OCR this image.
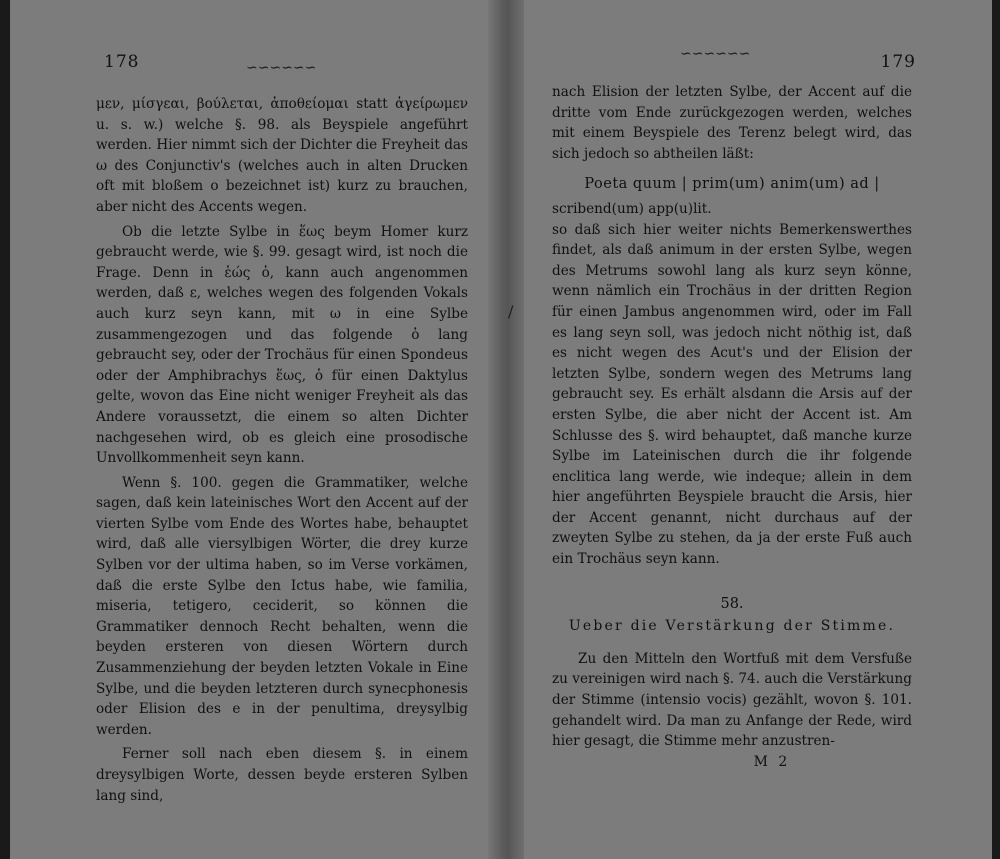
178	∽∽∽∽∽∽

μεν, μίσγεαι, βούλεται, ἀποθείομαι statt ἀγείρωμεν u. s. w.) welche §. 98. als Beyspiele angeführt werden. Hier nimmt sich der Dichter die Freyheit das ω des Conjunctiv's (welches auch in alten Drucken oft mit bloßem ο bezeichnet ist) kurz zu brauchen, aber nicht des Accents wegen.

Ob die letzte Sylbe in ἕως beym Homer kurz gebraucht werde, wie §. 99. gesagt wird, ist noch die Frage. Denn in ἑώς ὁ, kann auch angenommen werden, daß ε, welches wegen des folgenden Vokals auch kurz seyn kann, mit ω in eine Sylbe zusammengezogen und das folgende ὁ lang gebraucht sey, oder der Trochäus für einen Spondeus oder der Amphibrachys ἕως, ὁ für einen Daktylus gelte, wovon das Eine nicht weniger Freyheit als das Andere voraussetzt, die einem so alten Dichter nachgesehen wird, ob es gleich eine prosodische Unvollkommenheit seyn kann.

Wenn §. 100. gegen die Grammatiker, welche sagen, daß kein lateinisches Wort den Accent auf der vierten Sylbe vom Ende des Wortes habe, behauptet wird, daß alle viersylbigen Wörter, die drey kurze Sylben vor der ultima haben, so im Verse vorkämen, daß die erste Sylbe den Ictus habe, wie familia, miseria, tetigero, ceciderit, so können die Grammatiker dennoch Recht behalten, wenn die beyden ersteren von diesen Wörtern durch Zusammenziehung der beyden letzten Vokale in Eine Sylbe, und die beyden letzteren durch synecphonesis oder Elision des e in der penultima, dreysylbig werden.

Ferner soll nach eben diesem §. in einem dreysylbigen Worte, dessen beyde ersteren Sylben lang sind,

/
∽∽∽∽∽∽	179

nach Elision der letzten Sylbe, der Accent auf die dritte vom Ende zurückgezogen werden, welches mit einem Beyspiele des Terenz belegt wird, das sich jedoch so abtheilen läßt:

Poeta quum | prim(um) anim(um) ad |

scribend(um) app(u)lit.

so daß sich hier weiter nichts Bemerkenswerthes findet, als daß animum in der ersten Sylbe, wegen des Metrums sowohl lang als kurz seyn könne, wenn nämlich ein Trochäus in der dritten Region für einen Jambus angenommen wird, oder im Fall es lang seyn soll, was jedoch nicht nöthig ist, daß es nicht wegen des Acut's und der Elision der letzten Sylbe, sondern wegen des Metrums lang gebraucht sey. Es erhält alsdann die Arsis auf der ersten Sylbe, die aber nicht der Accent ist. Am Schlusse des §. wird behauptet, daß manche kurze Sylbe im Lateinischen durch die ihr folgende enclitica lang werde, wie indeque; allein in dem hier angeführten Beyspiele braucht die Arsis, hier der Accent genannt, nicht durchaus auf der zweyten Sylbe zu stehen, da ja der erste Fuß auch ein Trochäus seyn kann.

58.
Ueber die Verstärkung der Stimme.

Zu den Mitteln den Wortfuß mit dem Versfuße zu vereinigen wird nach §. 74. auch die Verstärkung der Stimme (intensio vocis) gezählt, wovon §. 101. gehandelt wird. Da man zu Anfange der Rede, wird hier gesagt, die Stimme mehr anzustren-

M 2
